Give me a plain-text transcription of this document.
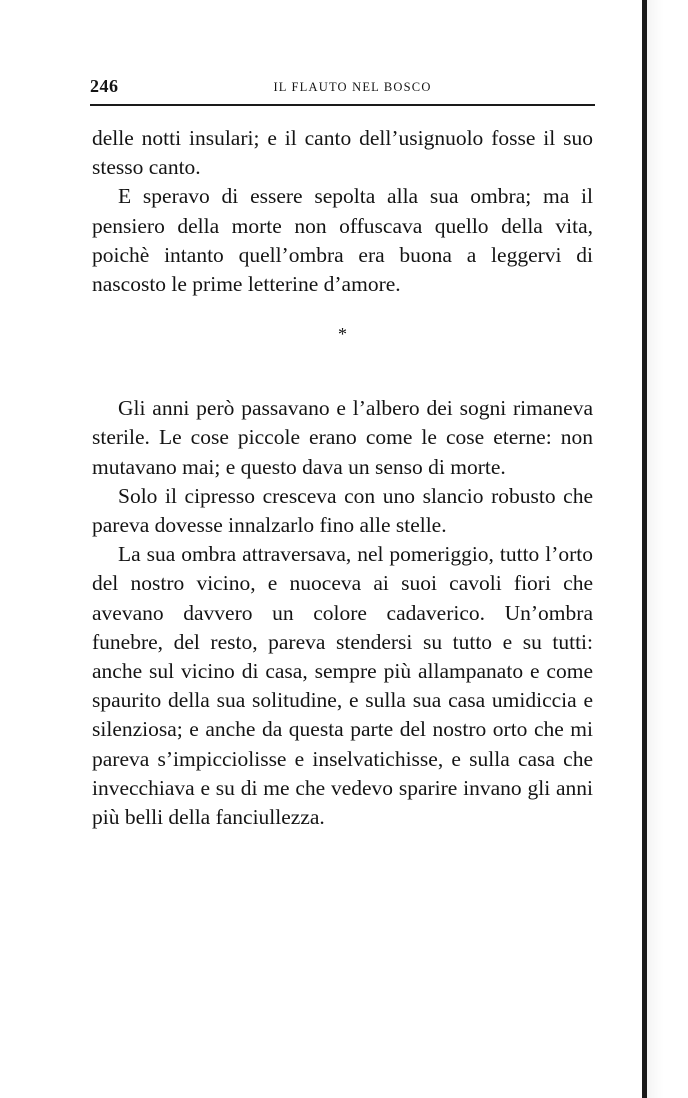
246	IL FLAUTO NEL BOSCO

delle notti insulari; e il canto dell’usignuolo fosse il suo stesso canto.

E speravo di essere sepolta alla sua ombra; ma il pensiero della morte non offuscava quello della vita, poichè intanto quell’ombra era buona a leggervi di nascosto le prime letterine d’amore.

*

Gli anni però passavano e l’albero dei sogni rimaneva sterile. Le cose piccole erano come le cose eterne: non mutavano mai; e questo dava un senso di morte.

Solo il cipresso cresceva con uno slancio robusto che pareva dovesse innalzarlo fino alle stelle.

La sua ombra attraversava, nel pomeriggio, tutto l’orto del nostro vicino, e nuoceva ai suoi cavoli fiori che avevano davvero un colore cadaverico. Un’ombra funebre, del resto, pareva stendersi su tutto e su tutti: anche sul vicino di casa, sempre più allampanato e come spaurito della sua solitudine, e sulla sua casa umidiccia e silenziosa; e anche da questa parte del nostro orto che mi pareva s’impicciolisse e inselvatichisse, e sulla casa che invecchiava e su di me che vedevo sparire invano gli anni più belli della fanciullezza.
